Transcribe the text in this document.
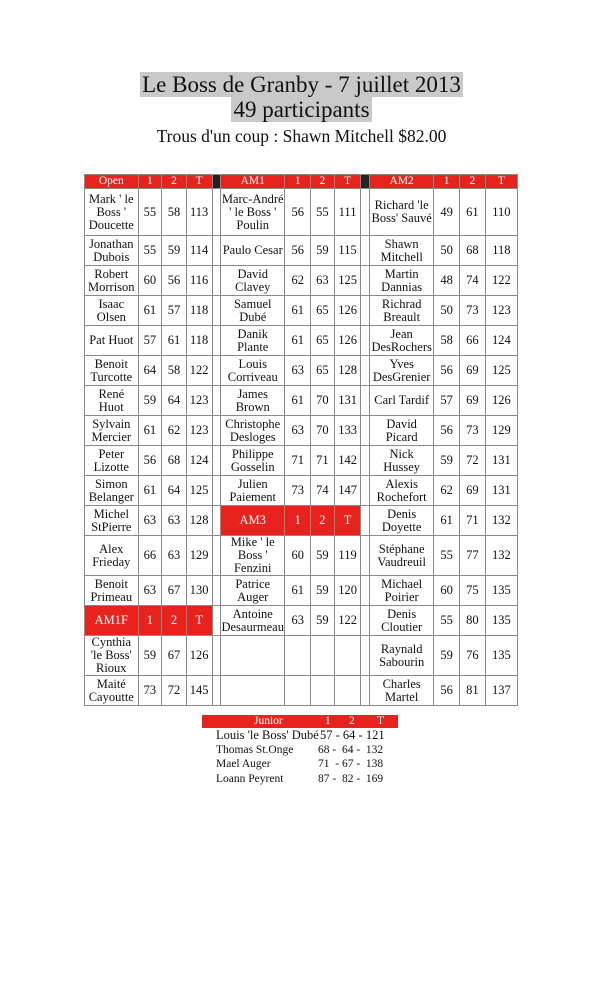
Le Boss de Granby - 7 juillet 2013
49 participants
Trous d'un coup : Shawn Mitchell $82.00
Open	1	2	T		AM1	1	2	T		AM2	1	2	T
Mark ' le Boss ' Doucette	55	58	113		Marc-André ' le Boss ' Poulin	56	55	111		Richard 'le Boss' Sauvé	49	61	110
Jonathan Dubois	55	59	114		Paulo Cesar	56	59	115		Shawn Mitchell	50	68	118
Robert Morrison	60	56	116		David Clavey	62	63	125		Martin Dannias	48	74	122
Isaac Olsen	61	57	118		Samuel Dubé	61	65	126		Richrad Breault	50	73	123
Pat Huot	57	61	118		Danik Plante	61	65	126		Jean DesRochers	58	66	124
Benoit Turcotte	64	58	122		Louis Corriveau	63	65	128		Yves DesGrenier	56	69	125
René Huot	59	64	123		James Brown	61	70	131		Carl Tardif	57	69	126
Sylvain Mercier	61	62	123		Christophe Desloges	63	70	133		David Picard	56	73	129
Peter Lizotte	56	68	124		Philippe Gosselin	71	71	142		Nick Hussey	59	72	131
Simon Belanger	61	64	125		Julien Paiement	73	74	147		Alexis Rochefort	62	69	131
Michel StPierre	63	63	128		AM3	1	2	T		Denis Doyette	61	71	132
Alex Frieday	66	63	129		Mike ' le Boss ' Fenzini	60	59	119		Stéphane Vaudreuil	55	77	132
Benoit Primeau	63	67	130		Patrice Auger	61	59	120		Michael Poirier	60	75	135
AM1F	1	2	T		Antoine Desaurmeau	63	59	122		Denis Cloutier	55	80	135
Cynthia 'le Boss' Rioux	59	67	126							Raynald Sabourin	59	76	135
Maité Cayoutte	73	72	145							Charles Martel	56	81	137
Junior	1 2 T
Louis 'le Boss' Dubé 57 - 64 - 121
Thomas St.Onge 68 -  64 -  132
Mael Auger	71  - 67 -  138
Loann Peyrent	87 -  82 -  169
